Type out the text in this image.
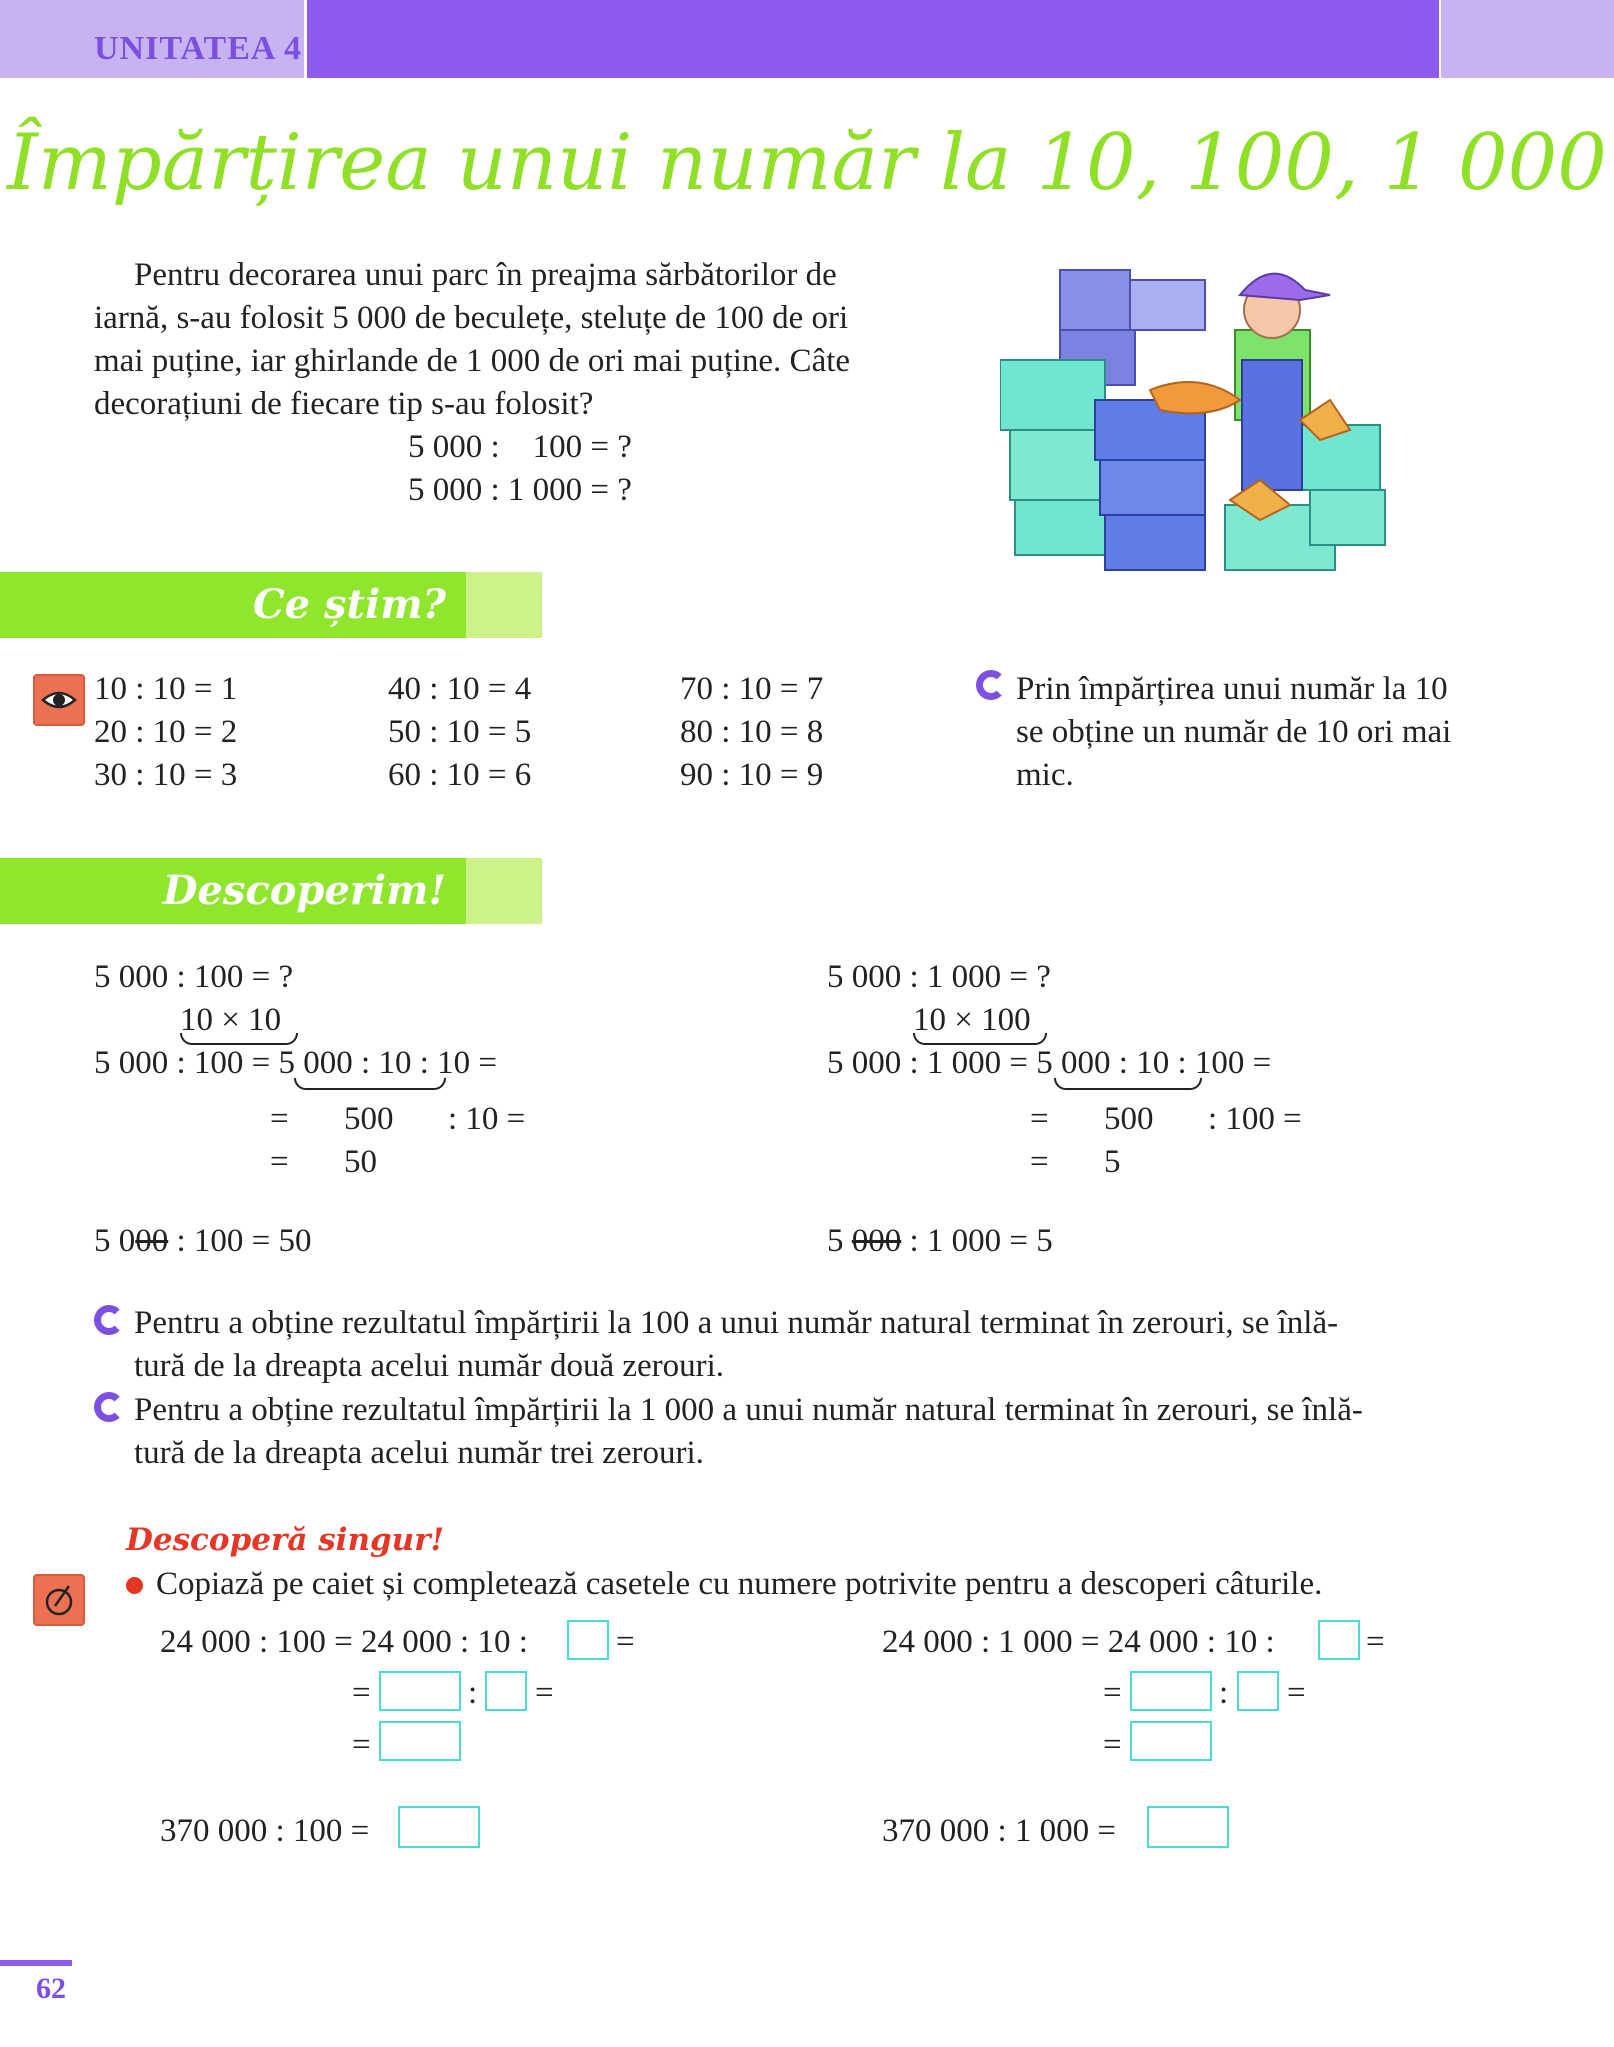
UNITATEA 4
Împărțirea unui număr la 10, 100, 1 000
Pentru decorarea unui parc în preajma sărbătorilor de
iarnă, s-au folosit 5 000 de beculețe, steluțe de 100 de ori
mai puține, iar ghirlande de 1 000 de ori mai puține. Câte
decorațiuni de fiecare tip s-au folosit?
5 000 :    100 = ?
5 000 : 1 000 = ?
Ce știm?
10 : 10 = 1
20 : 10 = 2
30 : 10 = 3
40 : 10 = 4
50 : 10 = 5
60 : 10 = 6
70 : 10 = 7
80 : 10 = 8
90 : 10 = 9
Prin împărțirea unui număr la 10
se obține un număr de 10 ori mai
mic.
Descoperim!
5 000 : 100 = ?
10 × 10
5 000 : 100 = 5 000 : 10 : 10 =
= 500 : 10 =
= 50
5 000 : 100 = 50
5 000 : 1 000 = ?
10 × 100
5 000 : 1 000 = 5 000 : 10 : 100 =
= 500 : 100 =
= 5
5 000 : 1 000 = 5
Pentru a obține rezultatul împărțirii la 100 a unui număr natural terminat în zerouri, se înlă-
tură de la dreapta acelui număr două zerouri.
Pentru a obține rezultatul împărțirii la 1 000 a unui număr natural terminat în zerouri, se înlă-
tură de la dreapta acelui număr trei zerouri.
Descoperă singur!
Copiază pe caiet și completează casetele cu numere potrivite pentru a descoperi câturile.
24 000 : 100 = 24 000 : 10 :	=
=	: =
=
370 000 : 100 =
24 000 : 1 000 = 24 000 : 10 :	=
=	: =
=
370 000 : 1 000 =
62
